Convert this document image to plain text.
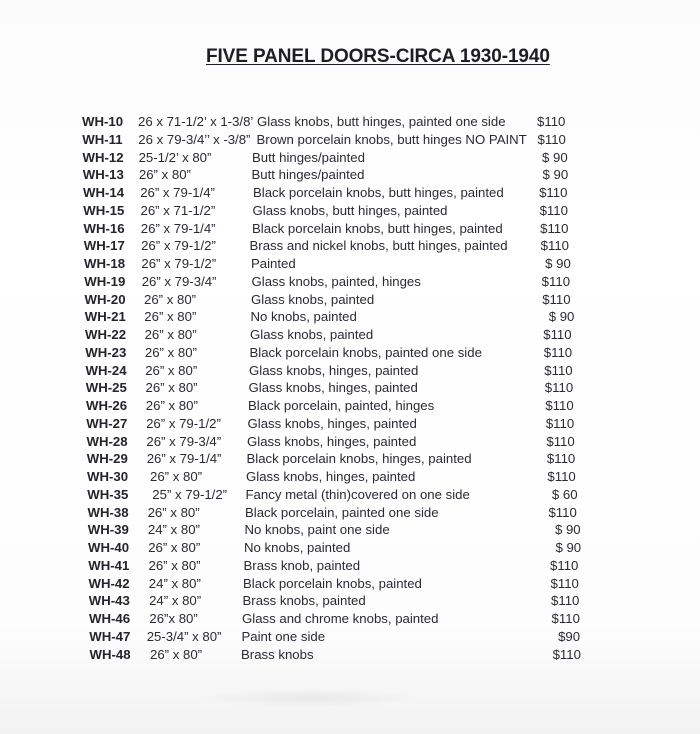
FIVE PANEL DOORS-CIRCA 1930-1940
WH-10 26 x 71-1/2’ x 1-3/8’ Glass knobs, butt hinges, painted one side $110
WH-11 26 x 79-3/4’’ x -3/8” Brown porcelain knobs, butt hinges NO PAINT $110
WH-12 25-1/2’ x 80”	Butt hinges/painted	$ 90
WH-13 26” x 80”	Butt hinges/painted	$ 90
WH-14 26” x 79-1/4”	Black porcelain knobs, butt hinges, painted	$110
WH-15 26” x 71-1/2”	Glass knobs, butt hinges, painted	$110
WH-16 26” x 79-1/4”	Black porcelain knobs, butt hinges, painted	$110
WH-17 26” x 79-1/2”	Brass and nickel knobs, butt hinges, painted	$110
WH-18 26” x 79-1/2”	Painted	$ 90
WH-19 26” x 79-3/4”	Glass knobs, painted, hinges	$110
WH-20 26” x 80”	Glass knobs, painted	$110
WH-21 26” x 80”	No knobs, painted	$ 90
WH-22 26” x 80”	Glass knobs, painted	$110
WH-23 26” x 80”	Black porcelain knobs, painted one side	$110
WH-24 26” x 80”	Glass knobs, hinges, painted	$110
WH-25 26” x 80”	Glass knobs, hinges, painted	$110
WH-26 26” x 80”	Black porcelain, painted, hinges	$110
WH-27 26” x 79-1/2” Glass knobs, hinges, painted	$110
WH-28 26” x 79-3/4” Glass knobs, hinges, painted	$110
WH-29 26” x 79-1/4” Black porcelain knobs, hinges, painted	$110
WH-30 26” x 80”	Glass knobs, hinges, painted	$110
WH-35 25” x 79-1/2” Fancy metal (thin)covered on one side	$ 60
WH-38 26” x 80”	Black porcelain, painted one side	$110
WH-39 24” x 80”	No knobs, paint one side	$ 90
WH-40 26” x 80”	No knobs, painted	$ 90
WH-41 26” x 80”	Brass knob, painted	$110
WH-42 24” x 80”	Black porcelain knobs, painted	$110
WH-43 24” x 80”	Brass knobs, painted	$110
WH-46 26”x 80”	Glass and chrome knobs, painted	$110
WH-47 25-3/4” x 80” Paint one side	$90
WH-48 26” x 80”	Brass knobs	$110
